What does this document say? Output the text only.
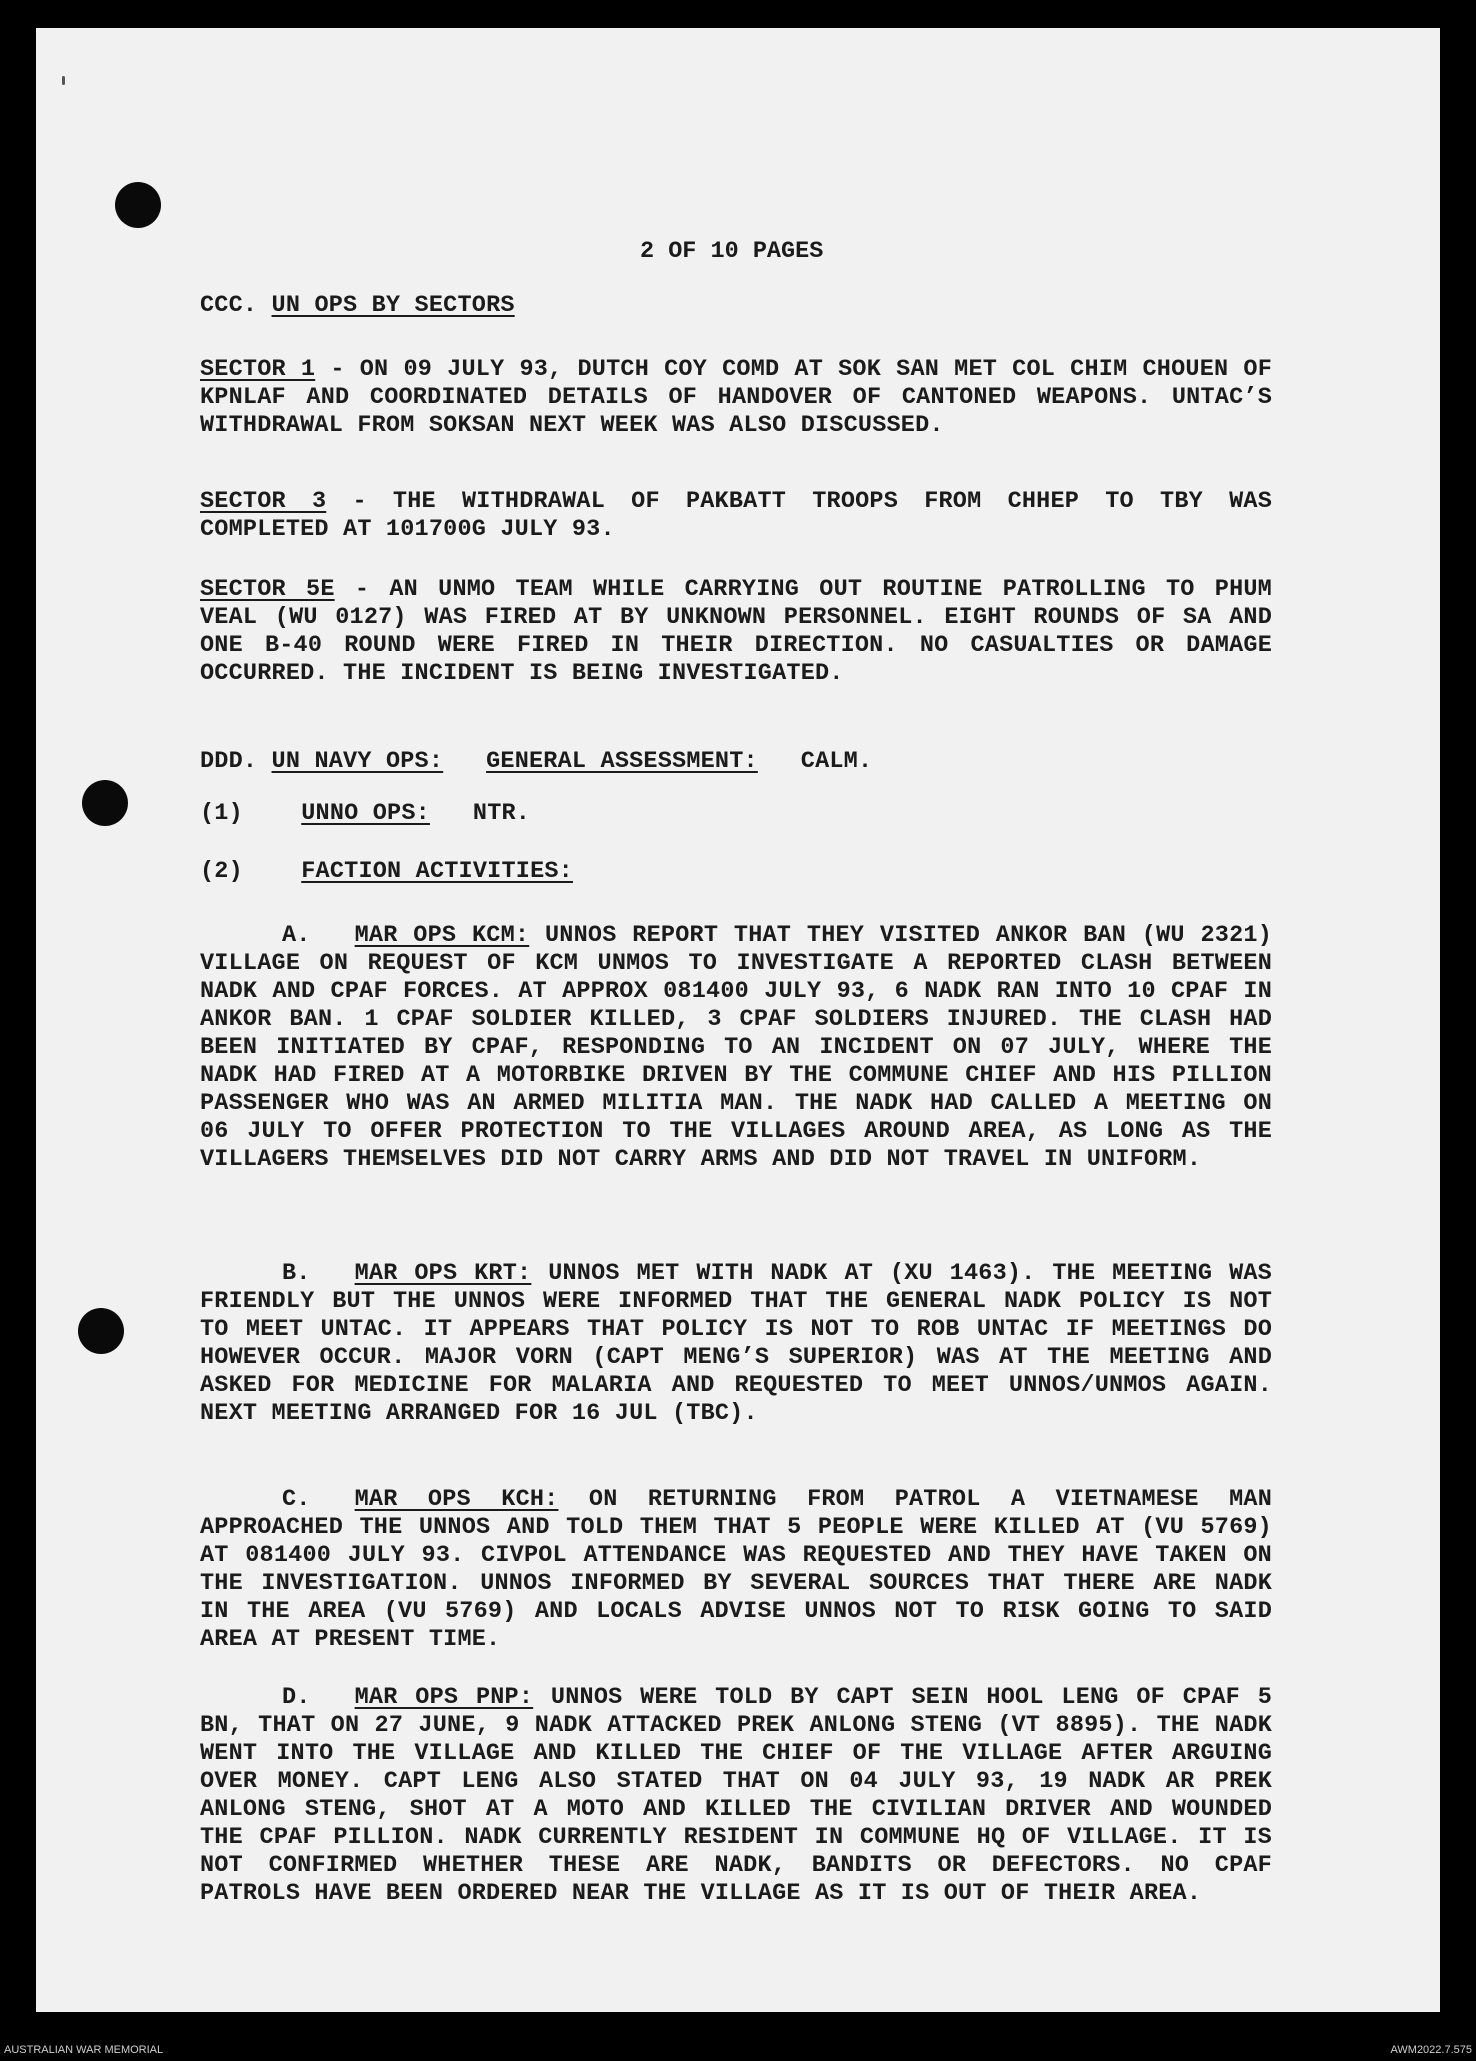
2 OF 10 PAGES
CCC. UN OPS BY SECTORS
SECTOR 1 - ON 09 JULY 93, DUTCH COY COMD AT SOK SAN MET COL CHIM CHOUEN OF KPNLAF AND COORDINATED DETAILS OF HANDOVER OF CANTONED WEAPONS. UNTAC’S WITHDRAWAL FROM SOKSAN NEXT WEEK WAS ALSO DISCUSSED.
SECTOR 3 - THE WITHDRAWAL OF PAKBATT TROOPS FROM CHHEP TO TBY WAS COMPLETED AT 101700G JULY 93.
SECTOR 5E - AN UNMO TEAM WHILE CARRYING OUT ROUTINE PATROLLING TO PHUM VEAL (WU 0127) WAS FIRED AT BY UNKNOWN PERSONNEL. EIGHT ROUNDS OF SA AND ONE B-40 ROUND WERE FIRED IN THEIR DIRECTION. NO CASUALTIES OR DAMAGE OCCURRED. THE INCIDENT IS BEING INVESTIGATED.
DDD. UN NAVY OPS: GENERAL ASSESSMENT: CALM.
(1) UNNO OPS: NTR.
(2) FACTION ACTIVITIES:
A. MAR OPS KCM: UNNOS REPORT THAT THEY VISITED ANKOR BAN (WU 2321) VILLAGE ON REQUEST OF KCM UNMOS TO INVESTIGATE A REPORTED CLASH BETWEEN NADK AND CPAF FORCES. AT APPROX 081400 JULY 93, 6 NADK RAN INTO 10 CPAF IN ANKOR BAN. 1 CPAF SOLDIER KILLED, 3 CPAF SOLDIERS INJURED. THE CLASH HAD BEEN INITIATED BY CPAF, RESPONDING TO AN INCIDENT ON 07 JULY, WHERE THE NADK HAD FIRED AT A MOTORBIKE DRIVEN BY THE COMMUNE CHIEF AND HIS PILLION PASSENGER WHO WAS AN ARMED MILITIA MAN. THE NADK HAD CALLED A MEETING ON 06 JULY TO OFFER PROTECTION TO THE VILLAGES AROUND AREA, AS LONG AS THE VILLAGERS THEMSELVES DID NOT CARRY ARMS AND DID NOT TRAVEL IN UNIFORM.
B. MAR OPS KRT: UNNOS MET WITH NADK AT (XU 1463). THE MEETING WAS FRIENDLY BUT THE UNNOS WERE INFORMED THAT THE GENERAL NADK POLICY IS NOT TO MEET UNTAC. IT APPEARS THAT POLICY IS NOT TO ROB UNTAC IF MEETINGS DO HOWEVER OCCUR. MAJOR VORN (CAPT MENG’S SUPERIOR) WAS AT THE MEETING AND ASKED FOR MEDICINE FOR MALARIA AND REQUESTED TO MEET UNNOS/UNMOS AGAIN. NEXT MEETING ARRANGED FOR 16 JUL (TBC).
C. MAR OPS KCH: ON RETURNING FROM PATROL A VIETNAMESE MAN APPROACHED THE UNNOS AND TOLD THEM THAT 5 PEOPLE WERE KILLED AT (VU 5769) AT 081400 JULY 93. CIVPOL ATTENDANCE WAS REQUESTED AND THEY HAVE TAKEN ON THE INVESTIGATION. UNNOS INFORMED BY SEVERAL SOURCES THAT THERE ARE NADK IN THE AREA (VU 5769) AND LOCALS ADVISE UNNOS NOT TO RISK GOING TO SAID AREA AT PRESENT TIME.
D. MAR OPS PNP: UNNOS WERE TOLD BY CAPT SEIN HOOL LENG OF CPAF 5 BN, THAT ON 27 JUNE, 9 NADK ATTACKED PREK ANLONG STENG (VT 8895). THE NADK WENT INTO THE VILLAGE AND KILLED THE CHIEF OF THE VILLAGE AFTER ARGUING OVER MONEY. CAPT LENG ALSO STATED THAT ON 04 JULY 93, 19 NADK AR PREK ANLONG STENG, SHOT AT A MOTO AND KILLED THE CIVILIAN DRIVER AND WOUNDED THE CPAF PILLION. NADK CURRENTLY RESIDENT IN COMMUNE HQ OF VILLAGE. IT IS NOT CONFIRMED WHETHER THESE ARE NADK, BANDITS OR DEFECTORS. NO CPAF PATROLS HAVE BEEN ORDERED NEAR THE VILLAGE AS IT IS OUT OF THEIR AREA.
AUSTRALIAN WAR MEMORIAL	AWM2022.7.575
